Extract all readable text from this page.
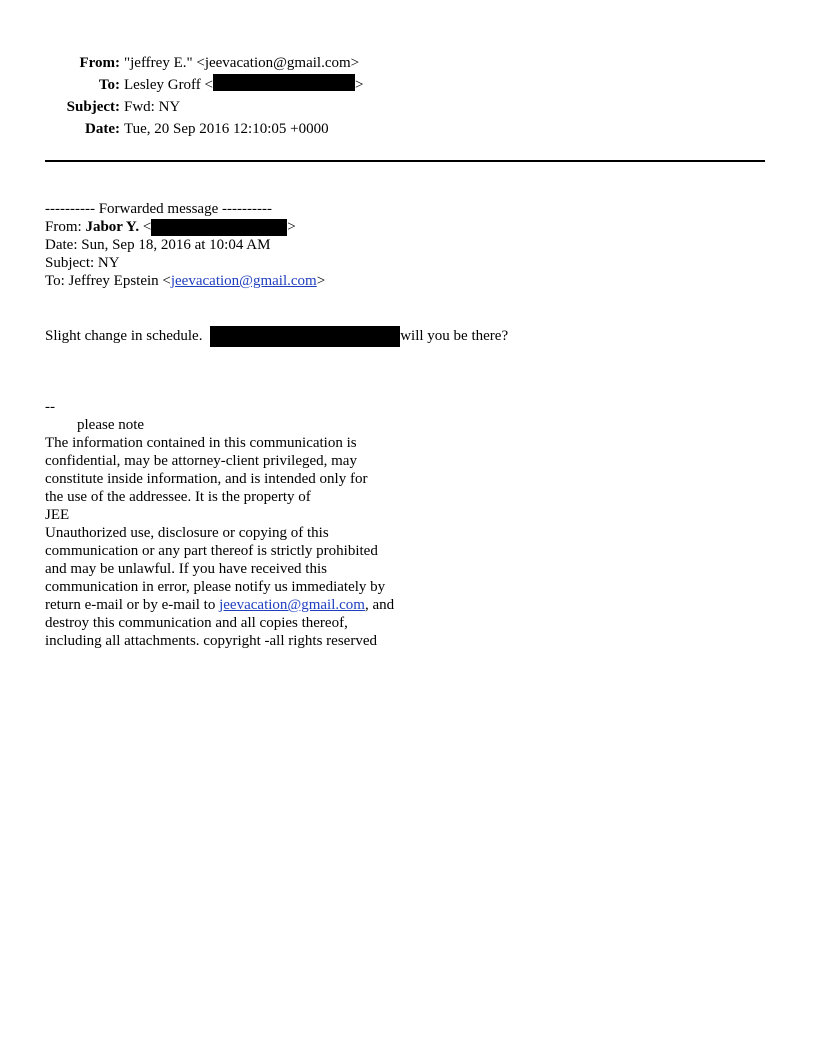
From: "jeffrey E." <jeevacation@gmail.com>
To: Lesley Groff <	>
Subject: Fwd: NY
Date: Tue, 20 Sep 2016 12:10:05 +0000
---------- Forwarded message ----------
From: Jabor Y. <	>
Date: Sun, Sep 18, 2016 at 10:04 AM
Subject: NY
To: Jeffrey Epstein <jeevacation@gmail.com>
Slight change in schedule.	will you be there?
--
please note
The information contained in this communication is
confidential, may be attorney-client privileged, may
constitute inside information, and is intended only for
the use of the addressee. It is the property of
JEE
Unauthorized use, disclosure or copying of this
communication or any part thereof is strictly prohibited
and may be unlawful. If you have received this
communication in error, please notify us immediately by
return e-mail or by e-mail to jeevacation@gmail.com, and
destroy this communication and all copies thereof,
including all attachments. copyright -all rights reserved
